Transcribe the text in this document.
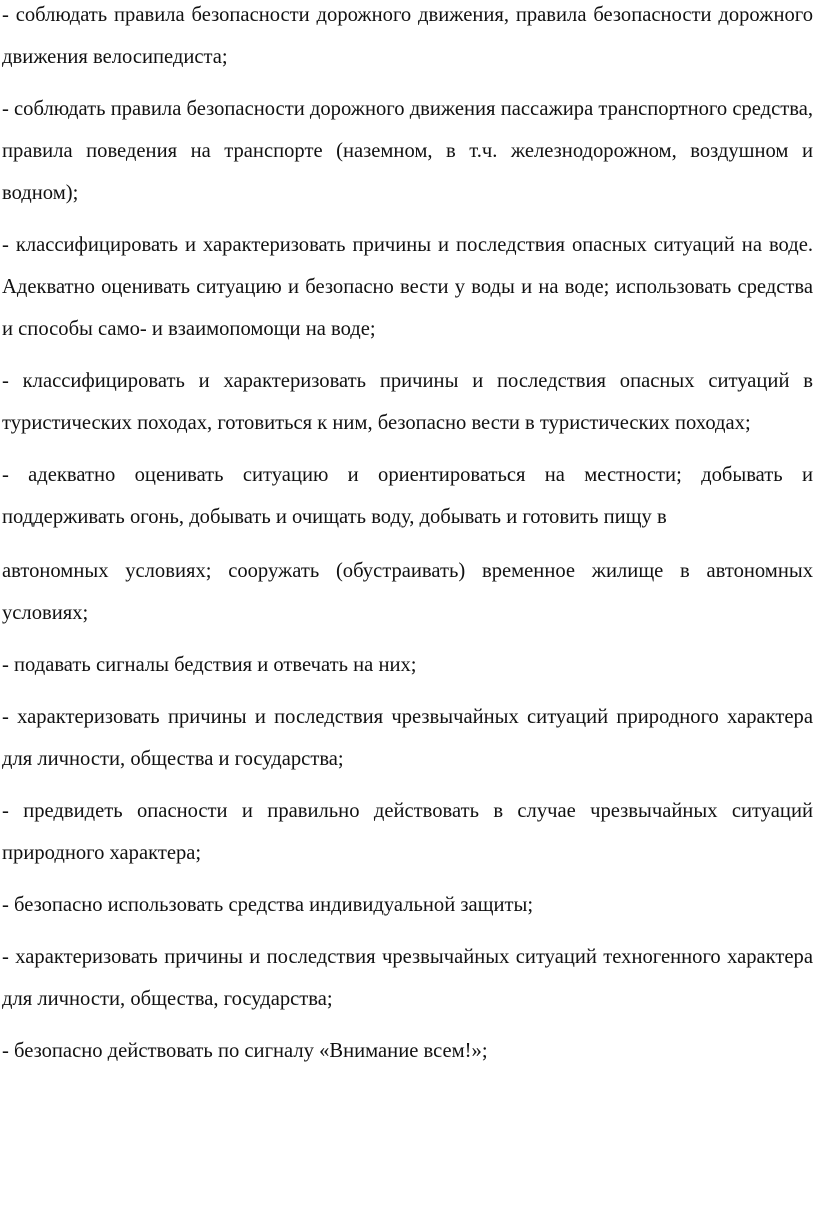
- соблюдать правила безопасности дорожного движения, правила безопасности дорожного движения велосипедиста;

- соблюдать правила безопасности дорожного движения пассажира транспортного средства, правила поведения на транспорте (наземном, в т.ч. железнодорожном, воздушном и водном);

- классифицировать и характеризовать причины и последствия опасных ситуаций на воде. Адекватно оценивать ситуацию и безопасно вести у воды и на воде; использовать средства и способы само- и взаимопомощи на воде;

- классифицировать и характеризовать причины и последствия опасных ситуаций в туристических походах, готовиться к ним, безопасно вести в туристических походах;

- адекватно оценивать ситуацию и ориентироваться на местности; добывать и поддерживать огонь, добывать и очищать воду, добывать и готовить пищу в

автономных условиях; сооружать (обустраивать) временное жилище в автономных условиях;

- подавать сигналы бедствия и отвечать на них;

- характеризовать причины и последствия чрезвычайных ситуаций природного характера для личности, общества и государства;

- предвидеть опасности и правильно действовать в случае чрезвычайных ситуаций природного характера;

- безопасно использовать средства индивидуальной защиты;

- характеризовать причины и последствия чрезвычайных ситуаций техногенного характера для личности, общества, государства;

- безопасно действовать по сигналу «Внимание всем!»;
